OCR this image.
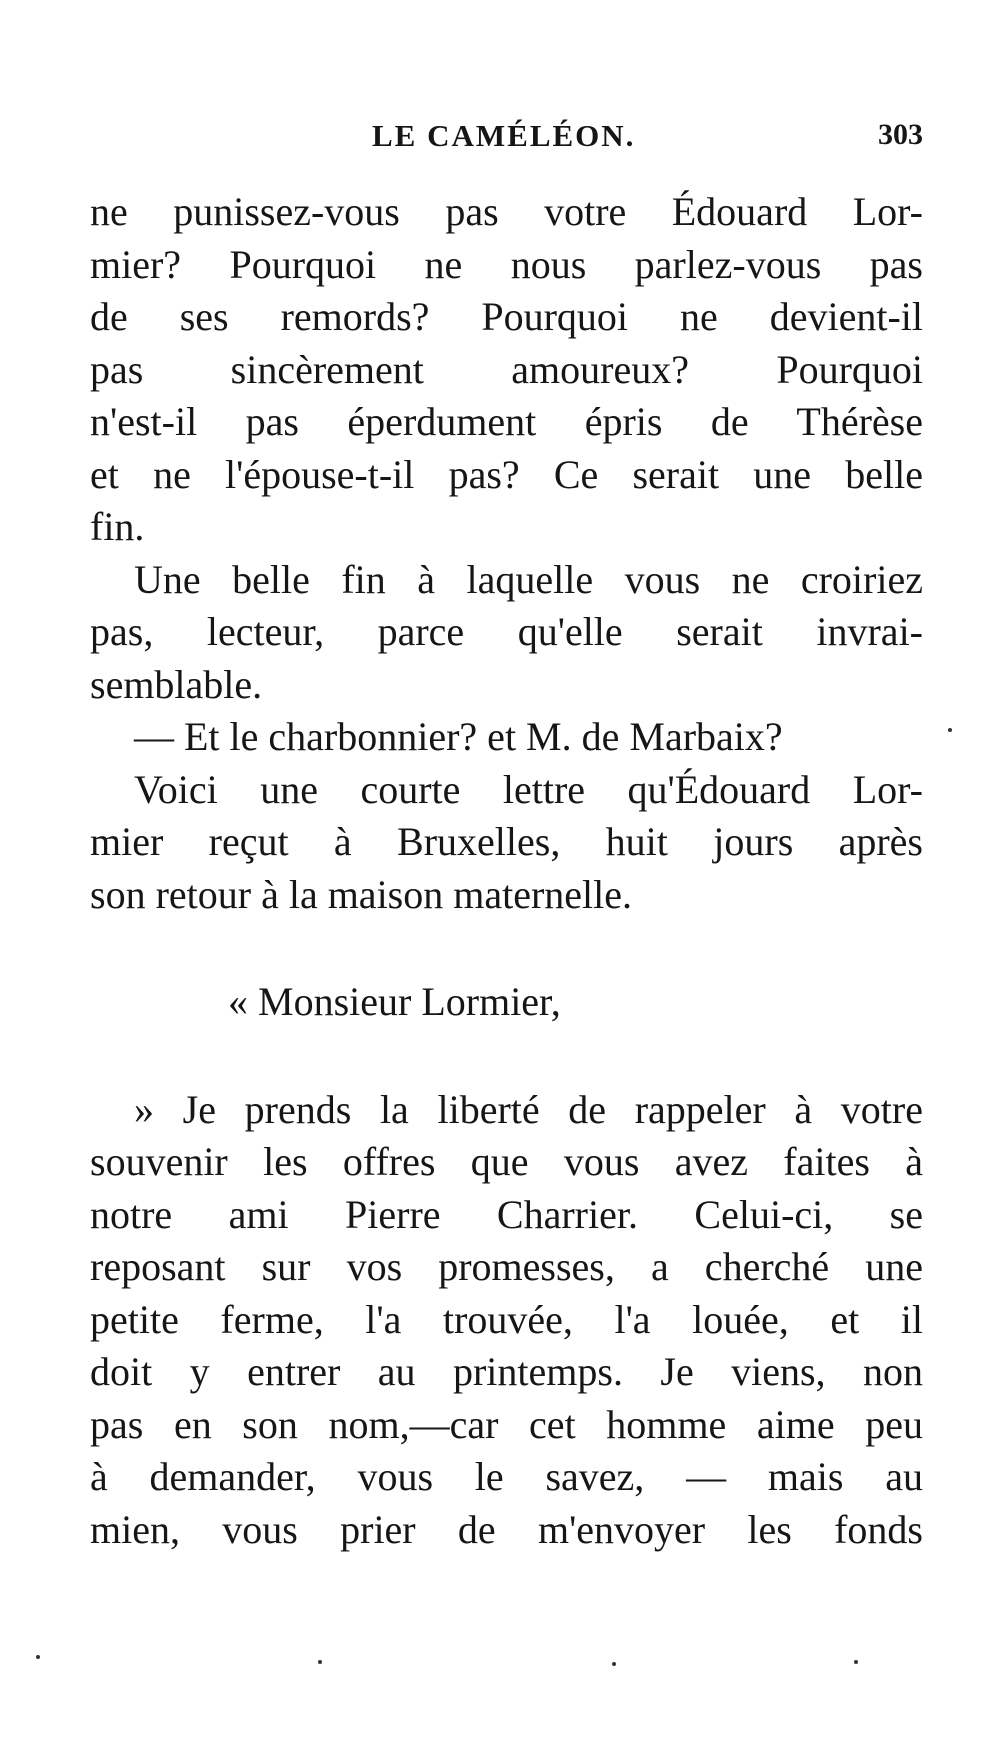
LE CAMÉLÉON.	303
ne punissez-vous pas votre Édouard Lor-
mier? Pourquoi ne nous parlez-vous pas
de ses remords? Pourquoi ne devient-il
pas sincèrement amoureux? Pourquoi
n'est-il pas éperdument épris de Thérèse
et ne l'épouse-t-il pas? Ce serait une belle
fin.
Une belle fin à laquelle vous ne croiriez
pas, lecteur, parce qu'elle serait invrai-
semblable.
— Et le charbonnier? et M. de Marbaix?
Voici une courte lettre qu'Édouard Lor-
mier reçut à Bruxelles, huit jours après
son retour à la maison maternelle.
« Monsieur Lormier,
» Je prends la liberté de rappeler à votre
souvenir les offres que vous avez faites à
notre ami Pierre Charrier. Celui-ci, se
reposant sur vos promesses, a cherché une
petite ferme, l'a trouvée, l'a louée, et il
doit y entrer au printemps. Je viens, non
pas en son nom,—car cet homme aime peu
à demander, vous le savez, — mais au
mien, vous prier de m'envoyer les fonds
